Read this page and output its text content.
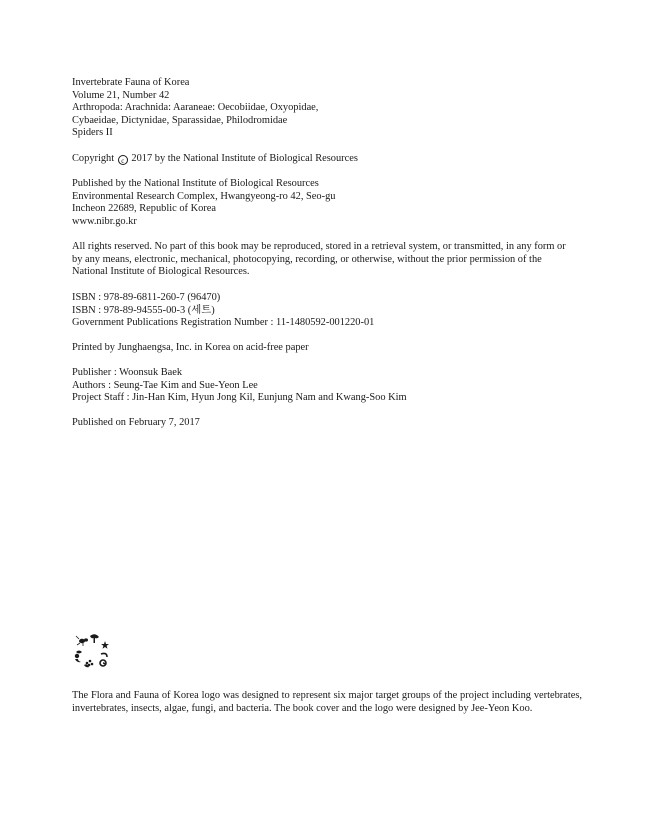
Invertebrate Fauna of Korea
Volume 21, Number 42
Arthropoda: Arachnida: Aaraneae: Oecobiidae, Oxyopidae,
Cybaeidae, Dictynidae, Sparassidae, Philodromidae
Spiders II
Copyright c 2017 by the National Institute of Biological Resources
Published by the National Institute of Biological Resources
Environmental Research Complex, Hwangyeong-ro 42, Seo-gu
Incheon 22689, Republic of Korea
www.nibr.go.kr
All rights reserved. No part of this book may be reproduced, stored in a retrieval system, or transmitted, in any form or by any means, electronic, mechanical, photocopying, recording, or otherwise, without the prior permission of the National Institute of Biological Resources.
ISBN : 978-89-6811-260-7 (96470)
ISBN : 978-89-94555-00-3 (세트)
Government Publications Registration Number : 11-1480592-001220-01
Printed by Junghaengsa, Inc. in Korea on acid-free paper
Publisher : Woonsuk Baek
Authors : Seung-Tae Kim and Sue-Yeon Lee
Project Staff : Jin-Han Kim, Hyun Jong Kil, Eunjung Nam and Kwang-Soo Kim
Published on February 7, 2017
The Flora and Fauna of Korea logo was designed to represent six major target groups of the project including vertebrates, invertebrates, insects, algae, fungi, and bacteria. The book cover and the logo were designed by Jee-Yeon Koo.
